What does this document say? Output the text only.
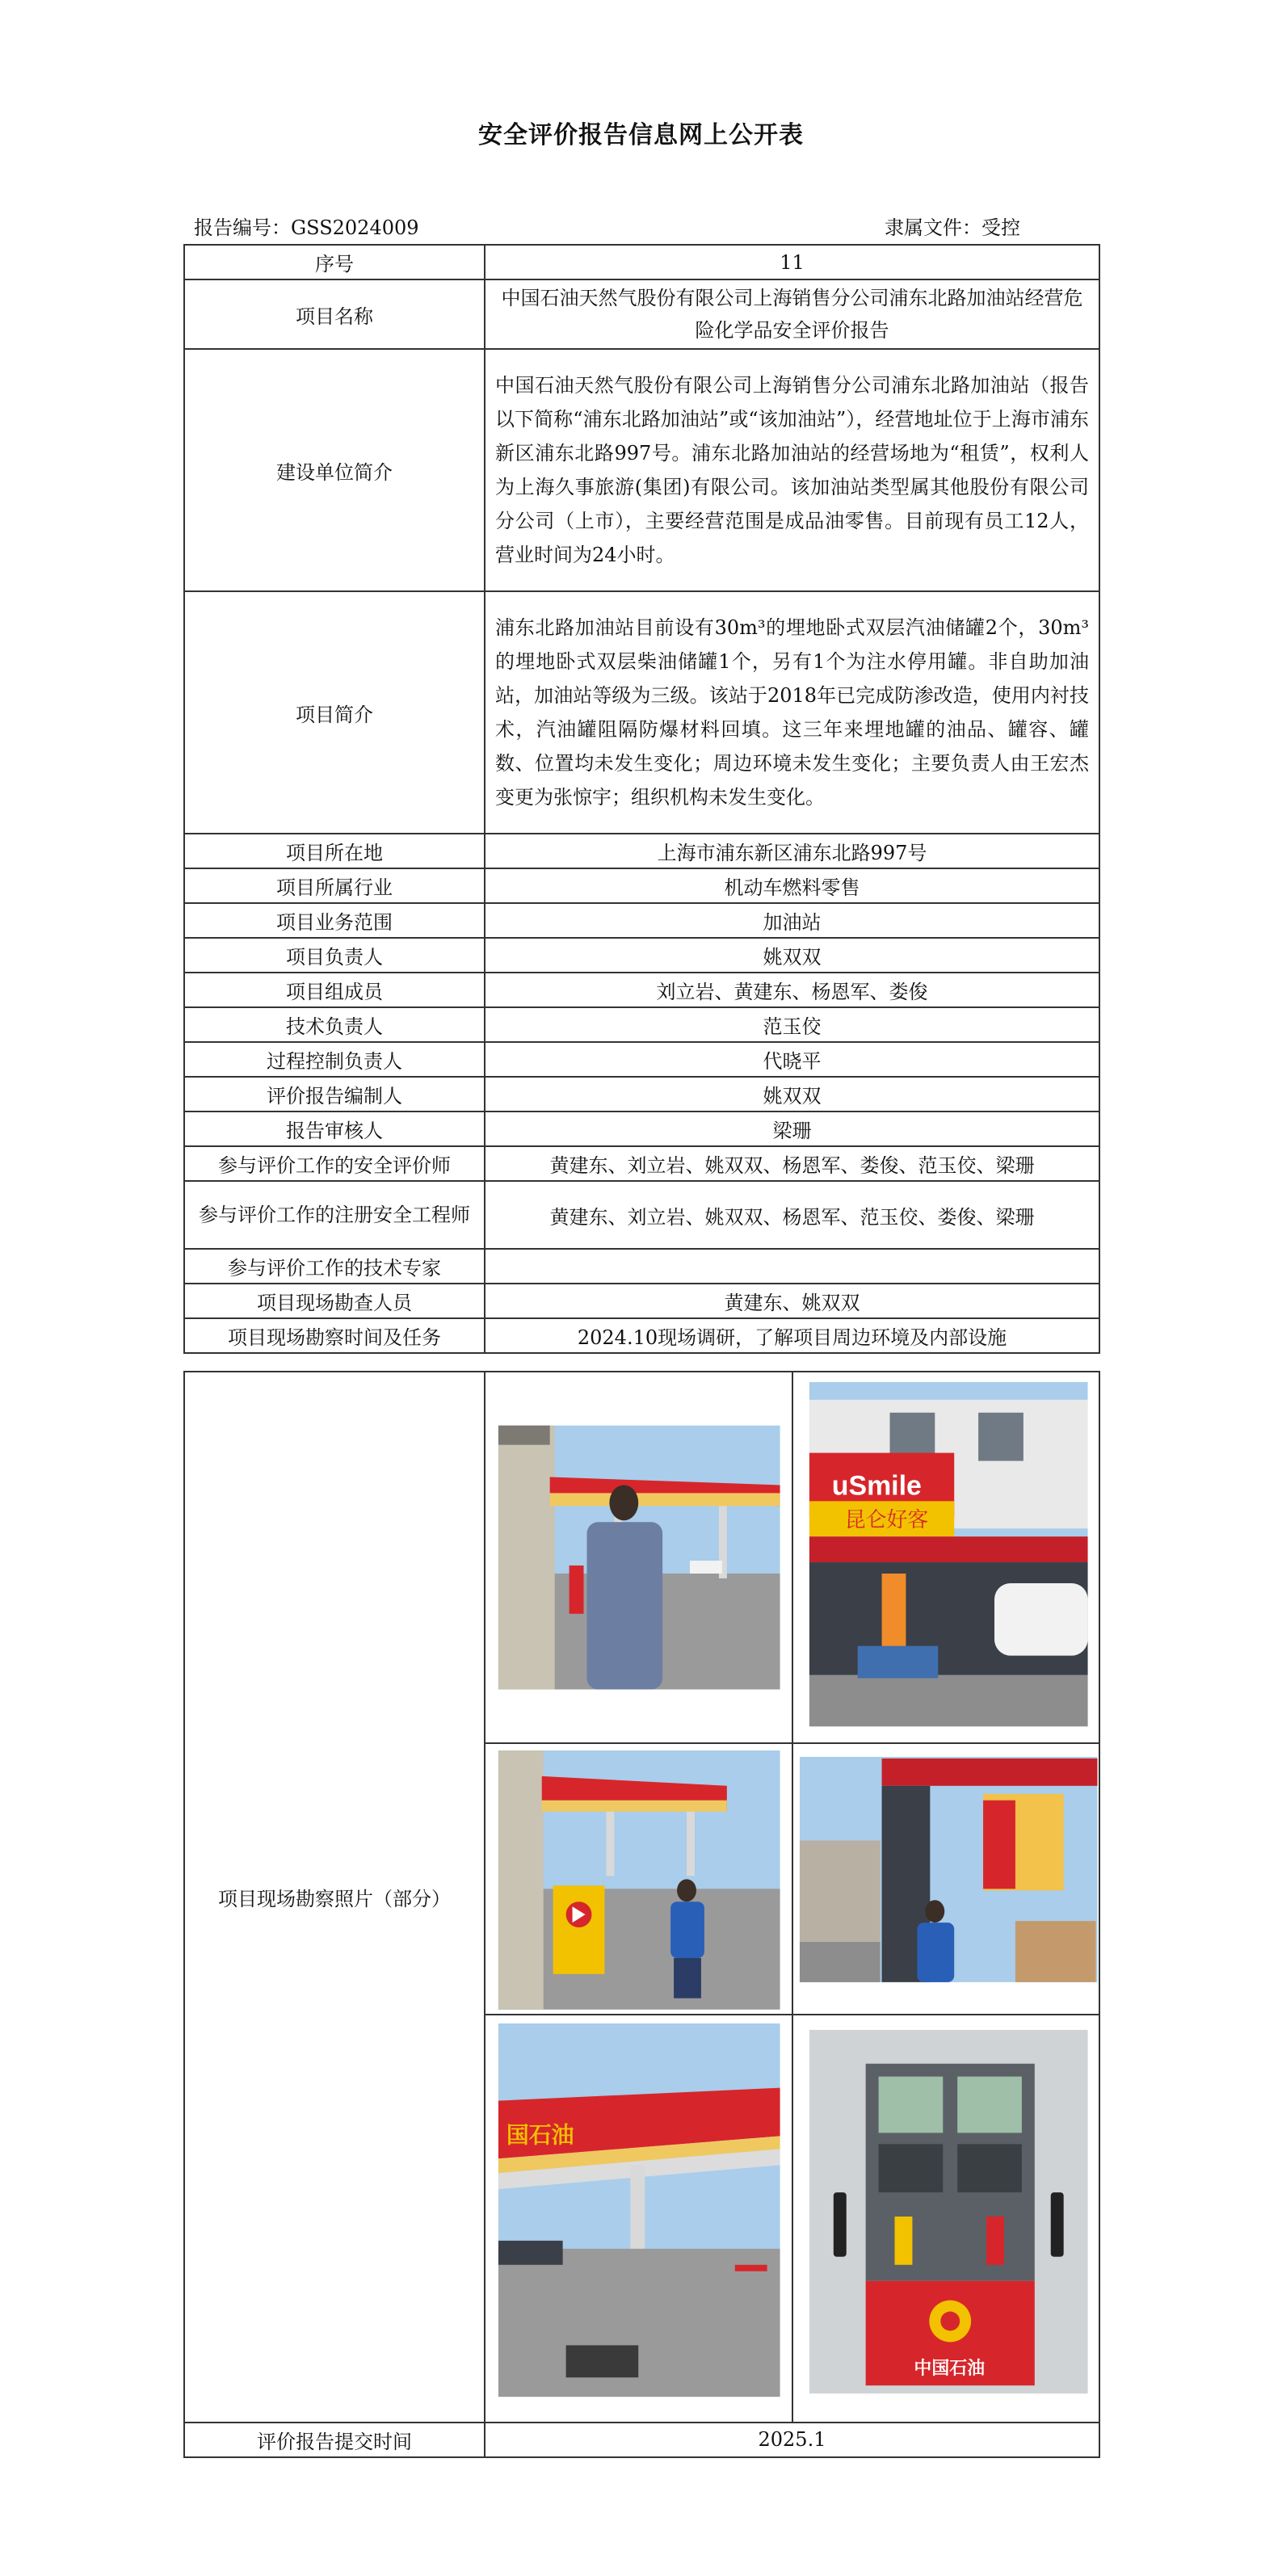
安全评价报告信息网上公开表
报告编号：GSS2024009	隶属文件：受控
序号	11
项目名称	中国石油天然气股份有限公司上海销售分公司浦东北路加油站经营危险化学品安全评价报告
建设单位简介	中国石油天然气股份有限公司上海销售分公司浦东北路加油站（报告以下简称“浦东北路加油站”或“该加油站”），经营地址位于上海市浦东新区浦东北路997号。浦东北路加油站的经营场地为“租赁”，权利人为上海久事旅游(集团)有限公司。该加油站类型属其他股份有限公司分公司（上市），主要经营范围是成品油零售。目前现有员工12人，营业时间为24小时。
项目简介	浦东北路加油站目前设有30m³的埋地卧式双层汽油储罐2个，30m³的埋地卧式双层柴油储罐1个，另有1个为注水停用罐。非自助加油站，加油站等级为三级。该站于2018年已完成防渗改造，使用内衬技术，汽油罐阻隔防爆材料回填。这三年来埋地罐的油品、罐容、罐数、位置均未发生变化；周边环境未发生变化；主要负责人由王宏杰变更为张惊宇；组织机构未发生变化。
项目所在地	上海市浦东新区浦东北路997号
项目所属行业	机动车燃料零售
项目业务范围	加油站
项目负责人	姚双双
项目组成员	刘立岩、黄建东、杨恩军、娄俊
技术负责人	范玉佼
过程控制负责人	代晓平
评价报告编制人	姚双双
报告审核人	梁珊
参与评价工作的安全评价师	黄建东、刘立岩、姚双双、杨恩军、娄俊、范玉佼、梁珊
参与评价工作的注册安全工程师	黄建东、刘立岩、姚双双、杨恩军、范玉佼、娄俊、梁珊
参与评价工作的技术专家	
项目现场勘查人员	黄建东、姚双双
项目现场勘察时间及任务	2024.10现场调研，了解项目周边环境及内部设施
项目现场勘察照片（部分）		uSmile
昆仑好客

国石油	中国石油

评价报告提交时间	2025.1	
